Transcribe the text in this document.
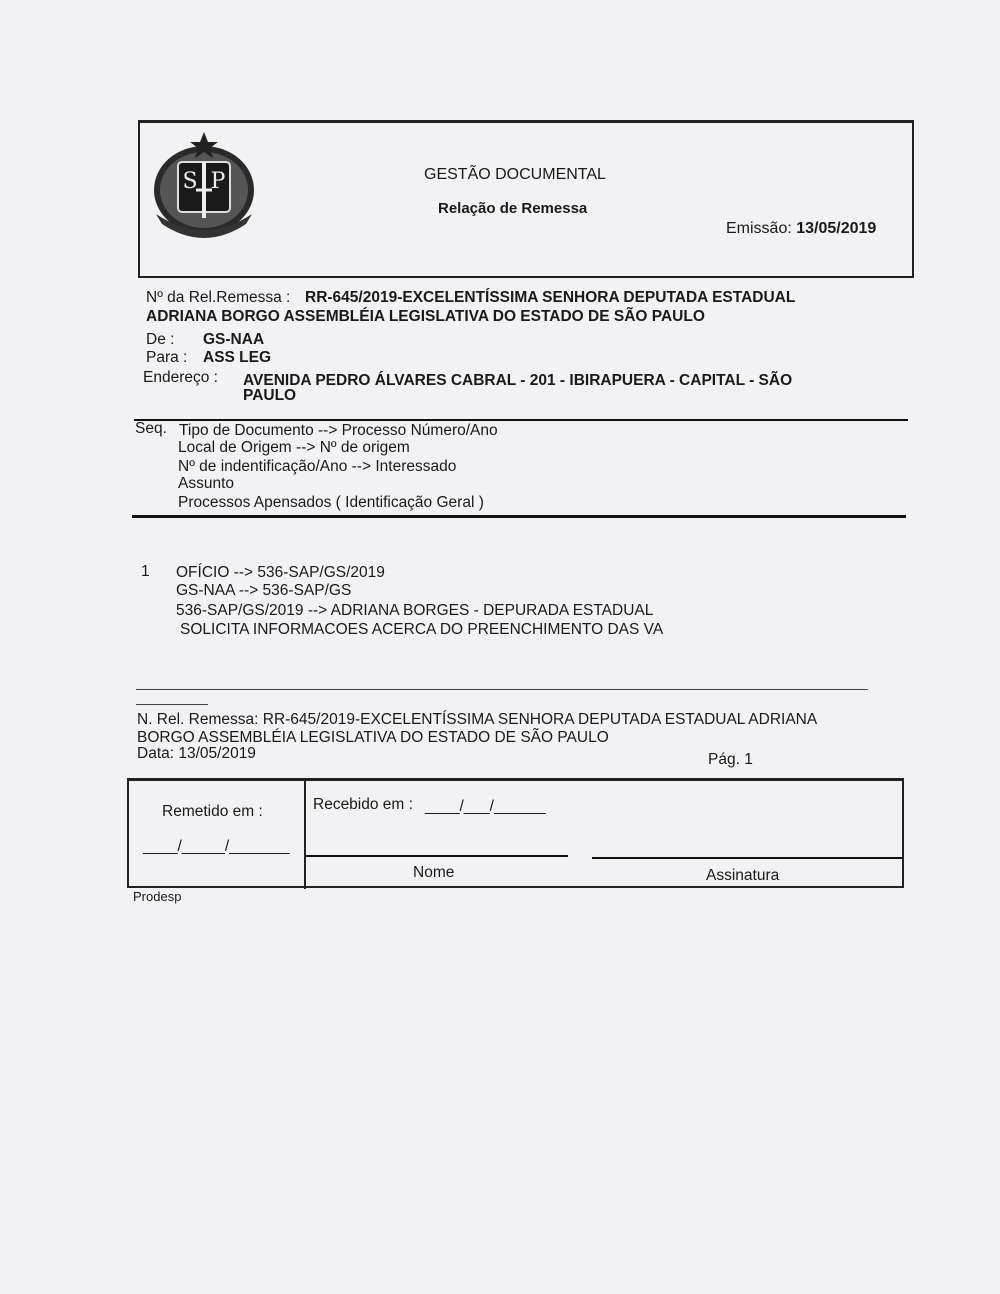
S P	GESTÃO DOCUMENTAL
Relação de Remessa
Emissão: 13/05/2019
Nº da Rel.Remessa : RR-645/2019-EXCELENTÍSSIMA SENHORA DEPUTADA ESTADUAL
ADRIANA BORGO ASSEMBLÉIA LEGISLATIVA DO ESTADO DE SÃO PAULO
De : GS-NAA
Para : ASS LEG
Endereço : AVENIDA PEDRO ÁLVARES CABRAL - 201 - IBIRAPUERA - CAPITAL - SÃO
PAULO
Seq. Tipo de Documento --> Processo Número/Ano
Local de Origem --> Nº de origem
Nº de indentificação/Ano --> Interessado
Assunto
Processos Apensados ( Identificação Geral )
1 OFÍCIO --> 536-SAP/GS/2019
GS-NAA --> 536-SAP/GS
536-SAP/GS/2019 --> ADRIANA BORGES - DEPURADA ESTADUAL
SOLICITA INFORMACOES ACERCA DO PREENCHIMENTO DAS VA
N. Rel. Remessa: RR-645/2019-EXCELENTÍSSIMA SENHORA DEPUTADA ESTADUAL ADRIANA
BORGO ASSEMBLÉIA LEGISLATIVA DO ESTADO DE SÃO PAULO
Data: 13/05/2019	Pág. 1
Remetido em :
____/_____/_______
Recebido em : ____/___/______
Nome	Assinatura
Prodesp
